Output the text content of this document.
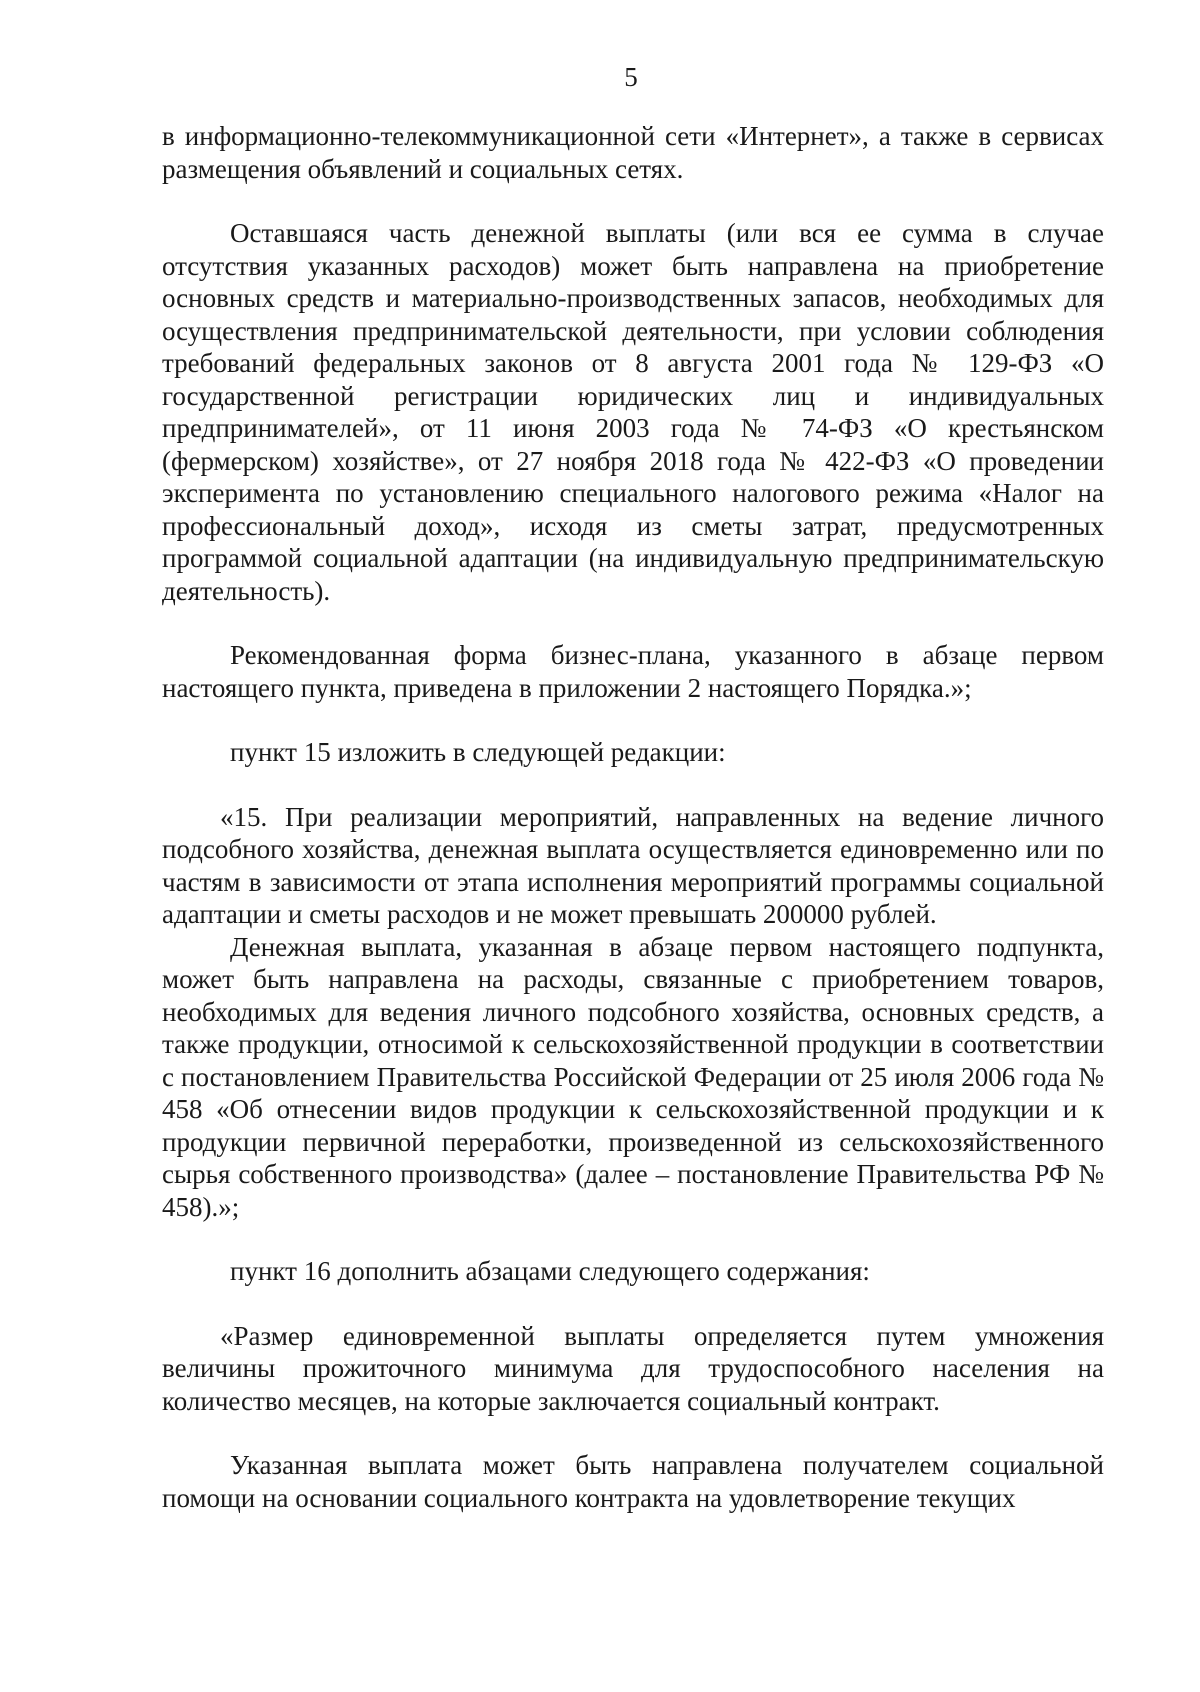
5

в информационно-телекоммуникационной сети «Интернет», а также в сервисах размещения объявлений и социальных сетях.

Оставшаяся часть денежной выплаты (или вся ее сумма в случае отсутствия указанных расходов) может быть направлена на приобретение основных средств и материально-производственных запасов, необходимых для осуществления предпринимательской деятельности, при условии соблюдения требований федеральных законов от 8 августа 2001 года № 129-ФЗ «О государственной регистрации юридических лиц и индивидуальных предпринимателей», от 11 июня 2003 года № 74-ФЗ «О крестьянском (фермерском) хозяйстве», от 27 ноября 2018 года № 422-ФЗ «О проведении эксперимента по установлению специального налогового режима «Налог на профессиональный доход», исходя из сметы затрат, предусмотренных программой социальной адаптации (на индивидуальную предпринимательскую деятельность).

Рекомендованная форма бизнес-плана, указанного в абзаце первом настоящего пункта, приведена в приложении 2 настоящего Порядка.»;

пункт 15 изложить в следующей редакции:

«15. При реализации мероприятий, направленных на ведение личного подсобного хозяйства, денежная выплата осуществляется единовременно или по частям в зависимости от этапа исполнения мероприятий программы социальной адаптации и сметы расходов и не может превышать 200000 рублей.

Денежная выплата, указанная в абзаце первом настоящего подпункта, может быть направлена на расходы, связанные с приобретением товаров, необходимых для ведения личного подсобного хозяйства, основных средств, а также продукции, относимой к сельскохозяйственной продукции в соответствии с постановлением Правительства Российской Федерации от 25 июля 2006 года № 458 «Об отнесении видов продукции к сельскохозяйственной продукции и к продукции первичной переработки, произведенной из сельскохозяйственного сырья собственного производства» (далее – постановление Правительства РФ № 458).»;

пункт 16 дополнить абзацами следующего содержания:

«Размер единовременной выплаты определяется путем умножения величины прожиточного минимума для трудоспособного населения на количество месяцев, на которые заключается социальный контракт.

Указанная выплата может быть направлена получателем социальной помощи на основании социального контракта на удовлетворение текущих
